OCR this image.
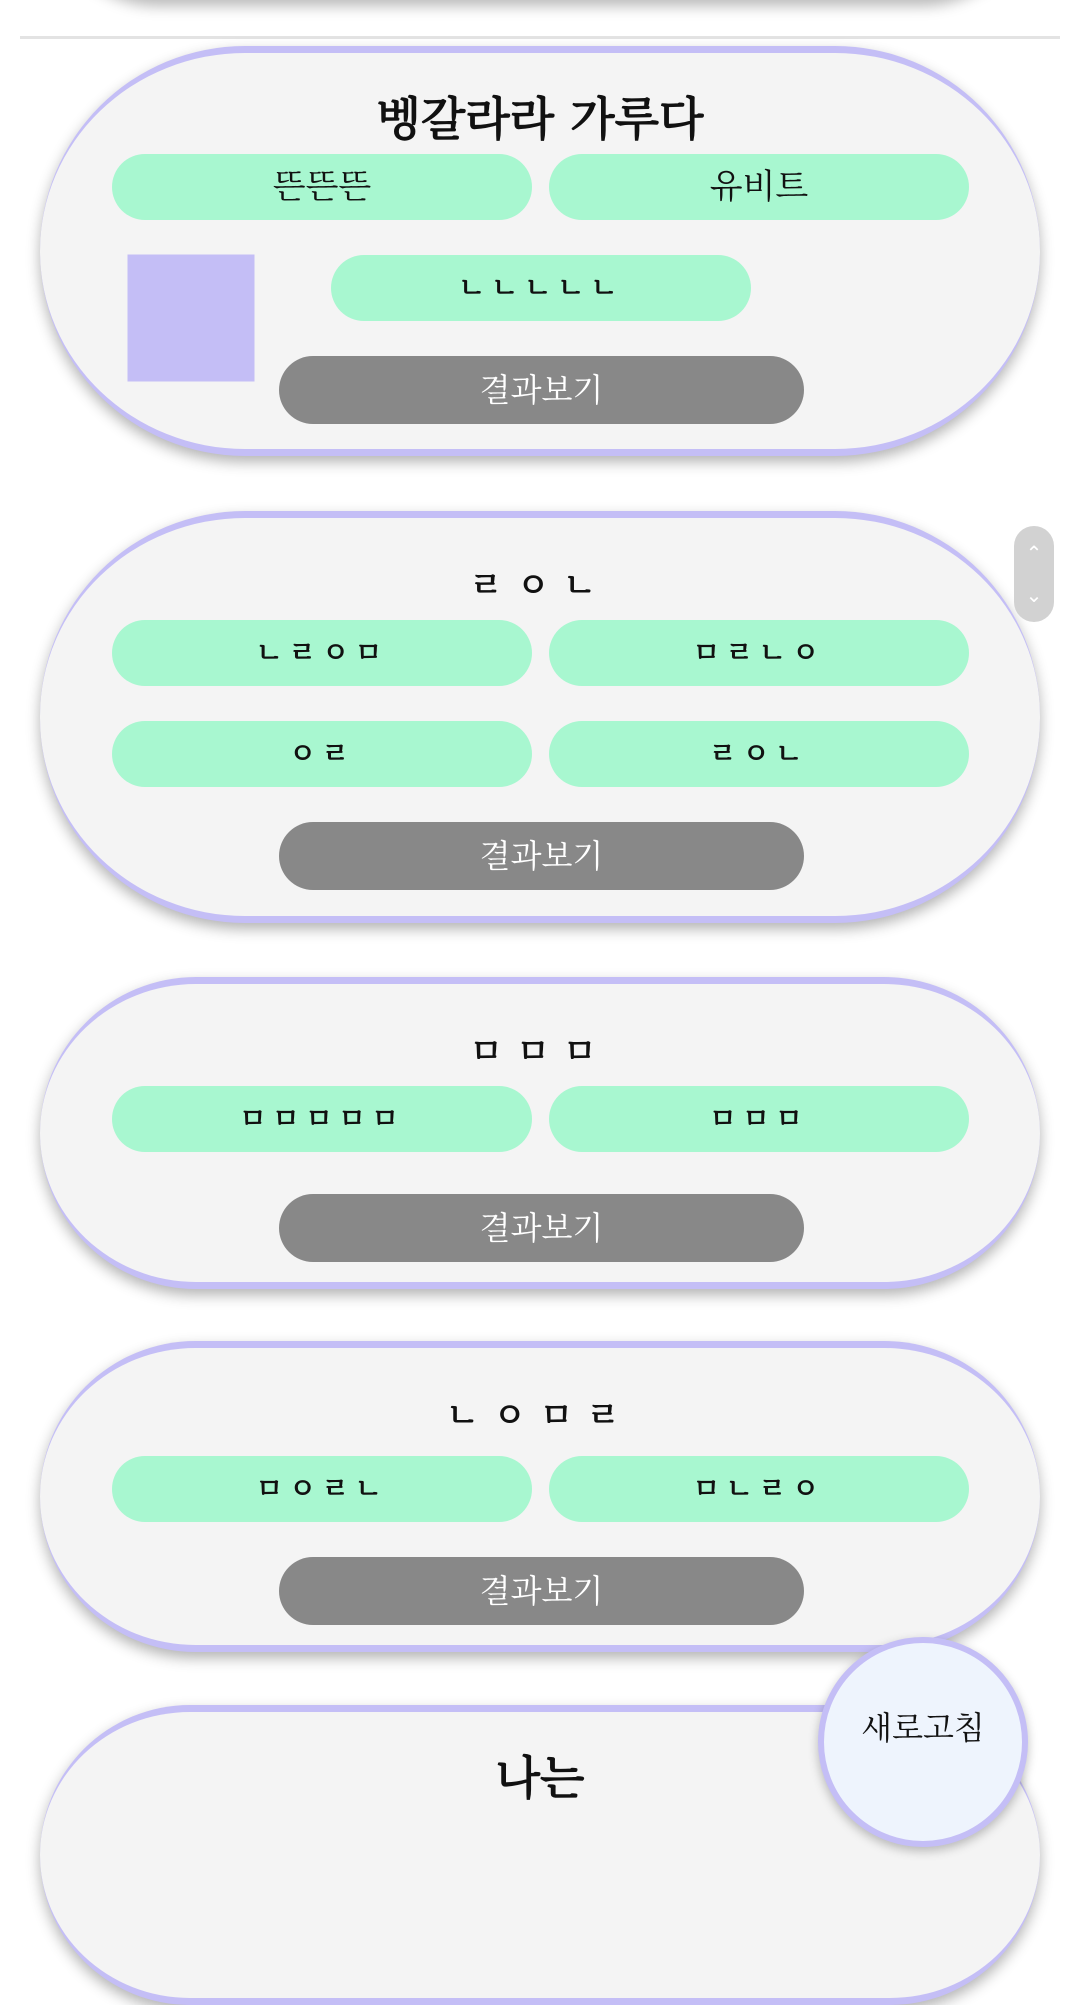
벵갈라라 가루다
뜬뜬뜬	유비트
ㄴㄴㄴㄴㄴ
결과보기
ㄹㅇㄴ
ㄴㄹㅇㅁ	ㅁㄹㄴㅇ
ㅇㄹ	ㄹㅇㄴ
결과보기
ㅁㅁㅁ
ㅁㅁㅁㅁㅁ	ㅁㅁㅁ
결과보기
ㄴㅇㅁㄹ
ㅁㅇㄹㄴ	ㅁㄴㄹㅇ
결과보기
나는
⌃
⌄
새로고침
